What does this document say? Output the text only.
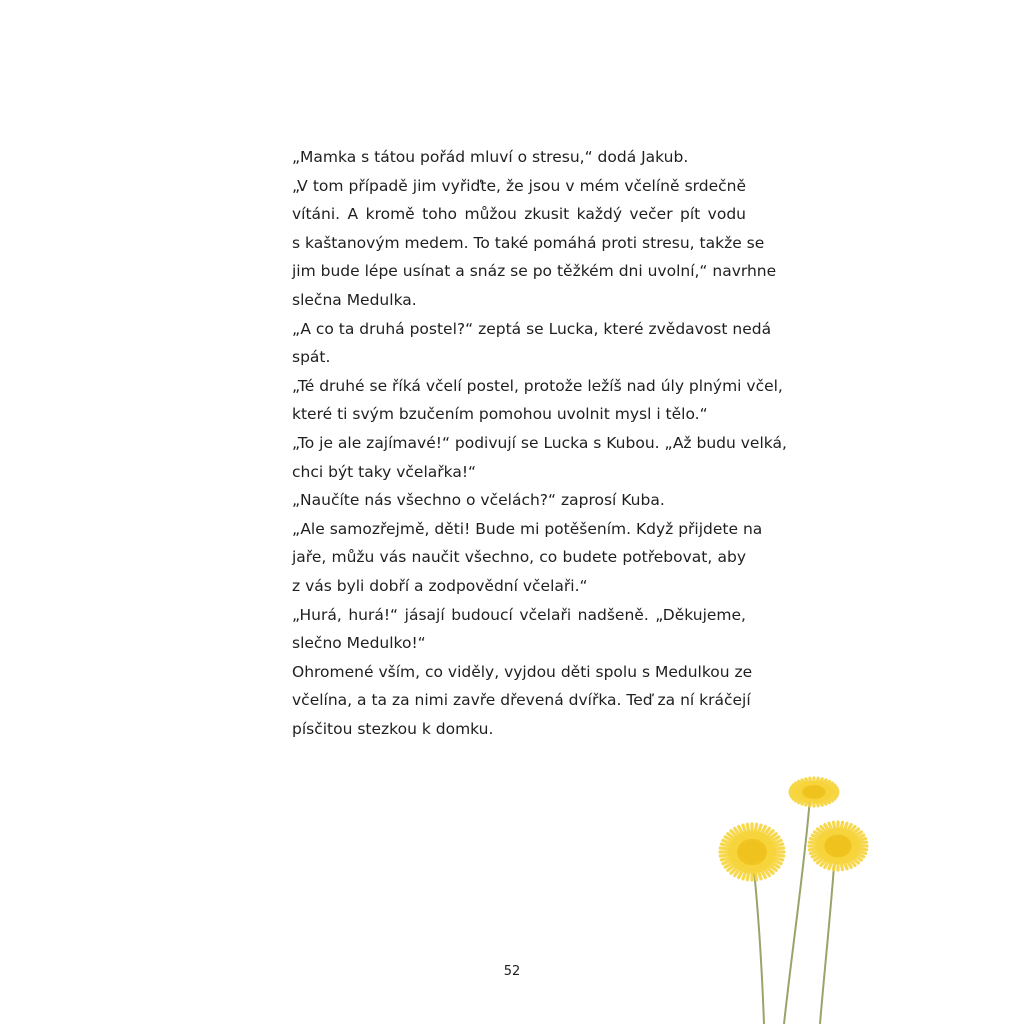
„Mamka s tátou pořád mluví o stresu,“ dodá Jakub.
„V tom případě jim vyřiďte, že jsou v mém včelíně srdečně
vítáni. A kromě toho můžou zkusit každý večer pít vodu
s kaštanovým medem. To také pomáhá proti stresu, takže se
jim bude lépe usínat a snáz se po těžkém dni uvolní,“ navrhne
slečna Medulka.
„A co ta druhá postel?“ zeptá se Lucka, které zvědavost nedá
spát.
„Té druhé se říká včelí postel, protože ležíš nad úly plnými včel,
které ti svým bzučením pomohou uvolnit mysl i tělo.“
„To je ale zajímavé!“ podivují se Lucka s Kubou. „Až budu velká,
chci být taky včelařka!“
„Naučíte nás všechno o včelách?“ zaprosí Kuba.
„Ale samozřejmě, děti! Bude mi potěšením. Když přijdete na
jaře, můžu vás naučit všechno, co budete potřebovat, aby
z vás byli dobří a zodpovědní včelaři.“
„Hurá, hurá!“ jásají budoucí včelaři nadšeně. „Děkujeme,
slečno Medulko!“
Ohromené vším, co viděly, vyjdou děti spolu s Medulkou ze
včelína, a ta za nimi zavře dřevená dvířka. Teď za ní kráčejí
písčitou stezkou k domku.
52
